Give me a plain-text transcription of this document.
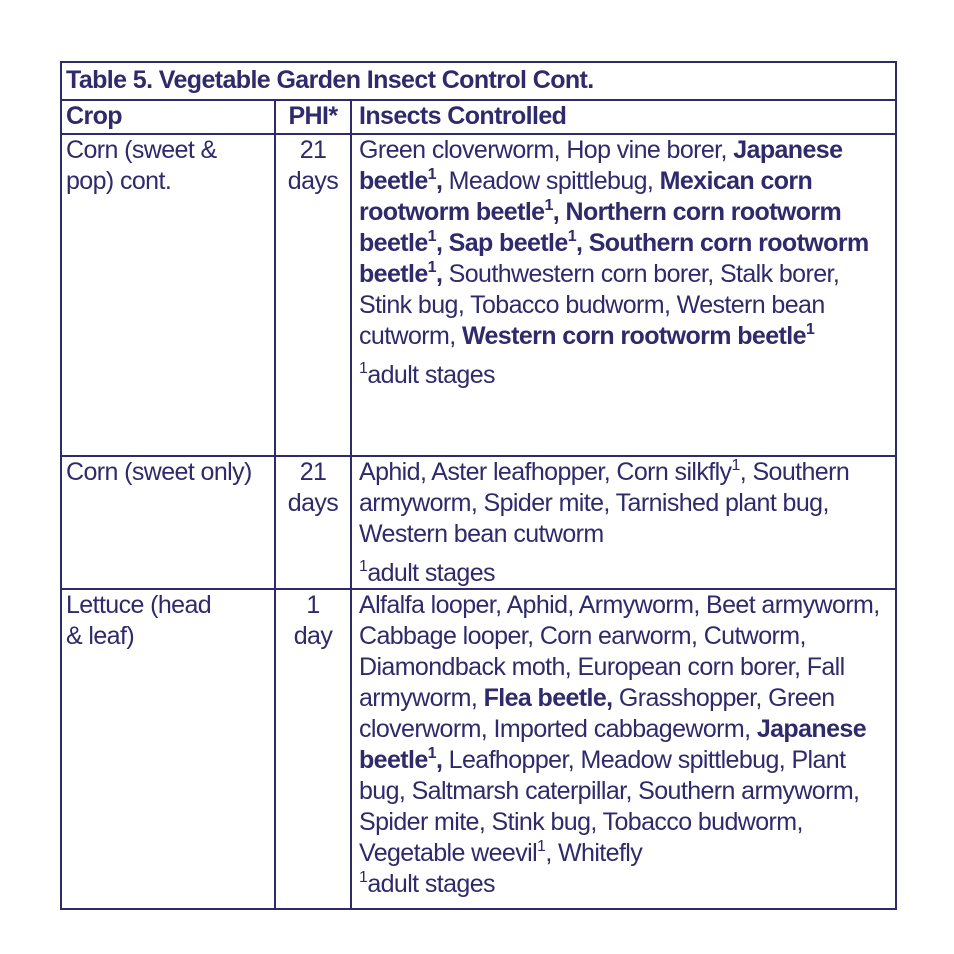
Table 5. Vegetable Garden Insect Control Cont.
Crop	PHI* Insects Controlled
Corn (sweet &
pop) cont.
21
days
Green cloverworm, Hop vine borer, Japanese beetle$^1$, Meadow spittlebug, Mexican corn rootworm beetle$^1$, Northern corn rootworm beetle$^1$, Sap beetle$^1$, Southern corn rootworm beetle$^1$, Southwestern corn borer, Stalk borer, Stink bug, Tobacco budworm, Western bean cutworm, Western corn rootworm beetle$^1$
$^1$adult stages
Corn (sweet only)	21
days
Aphid, Aster leafhopper, Corn silkfly$^1$, Southern armyworm, Spider mite, Tarnished plant bug, Western bean cutworm
$^1$adult stages
Lettuce (head
& leaf)
1
day
Alfalfa looper, Aphid, Armyworm, Beet armyworm, Cabbage looper, Corn earworm, Cutworm, Diamondback moth, European corn borer, Fall armyworm, Flea beetle, Grasshopper, Green cloverworm, Imported cabbageworm, Japanese beetle$^1$, Leafhopper, Meadow spittlebug, Plant bug, Saltmarsh caterpillar, Southern armyworm, Spider mite, Stink bug, Tobacco budworm, Vegetable weevil$^1$, Whitefly
$^1$adult stages
